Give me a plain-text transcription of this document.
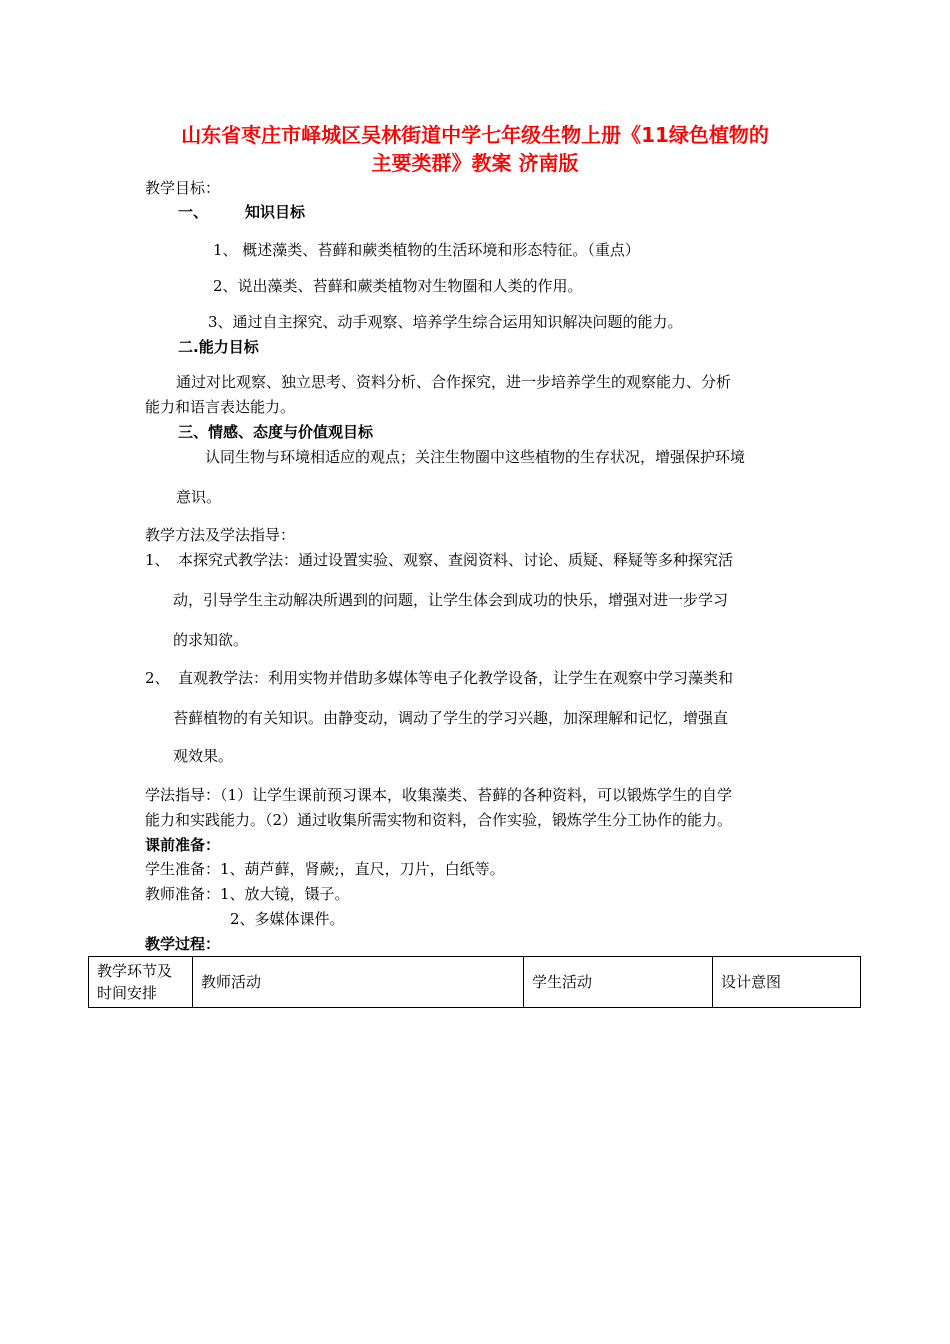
山东省枣庄市峄城区吴林街道中学七年级生物上册《11绿色植物的
主要类群》教案 济南版
教学目标：
一、 知识目标
1、 概述藻类、苔藓和蕨类植物的生活环境和形态特征。（重点）
2、说出藻类、苔藓和蕨类植物对生物圈和人类的作用。
3、通过自主探究、动手观察、培养学生综合运用知识解决问题的能力。
二.能力目标
通过对比观察、独立思考、资料分析、合作探究，进一步培养学生的观察能力、分析
能力和语言表达能力。
三、情感、态度与价值观目标
认同生物与环境相适应的观点；关注生物圈中这些植物的生存状况，增强保护环境
意识。
教学方法及学法指导：
1、 本探究式教学法：通过设置实验、观察、查阅资料、讨论、质疑、释疑等多种探究活
动，引导学生主动解决所遇到的问题，让学生体会到成功的快乐，增强对进一步学习
的求知欲。
2、 直观教学法：利用实物并借助多媒体等电子化教学设备，让学生在观察中学习藻类和
苔藓植物的有关知识。由静变动，调动了学生的学习兴趣，加深理解和记忆，增强直
观效果。
学法指导：（1）让学生课前预习课本，收集藻类、苔藓的各种资料，可以锻炼学生的自学
能力和实践能力。（2）通过收集所需实物和资料，合作实验，锻炼学生分工协作的能力。
课前准备：
学生准备：1、葫芦藓，肾蕨;，直尺，刀片，白纸等。
教师准备：1、放大镜，镊子。
2、多媒体课件。
教学过程：
教学环节及
时间安排
	教师活动	学生活动	设计意图
